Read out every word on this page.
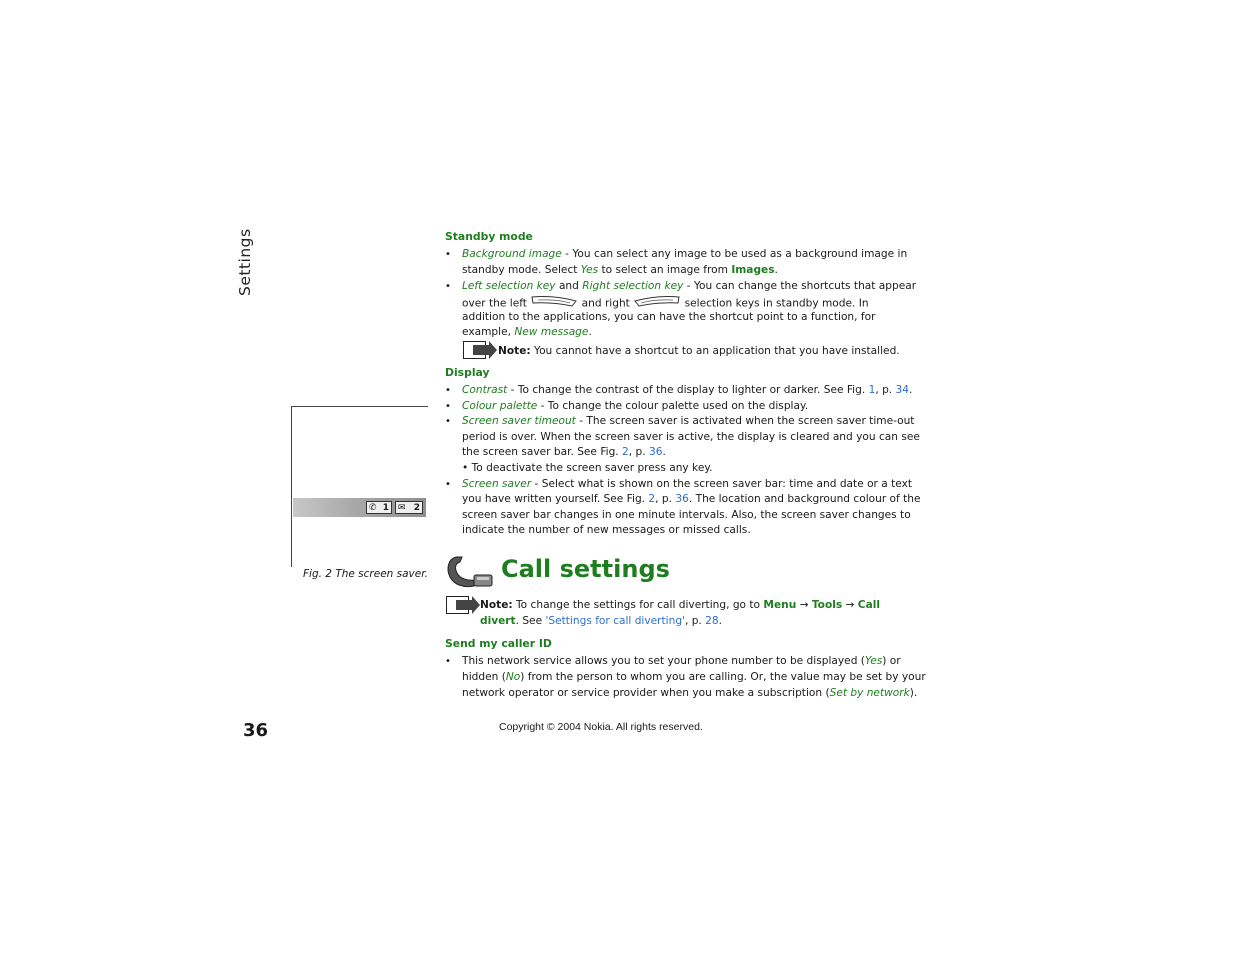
Settings	Standby mode
• Background image - You can select any image to be used as a background image in
standby mode. Select Yes to select an image from Images.
• Left selection key and Right selection key - You can change the shortcuts that appear
over the left	and right	selection keys in standby mode. In
addition to the applications, you can have the shortcut point to a function, for
example, New message.
Note: You cannot have a shortcut to an application that you have installed.
Display
• Contrast - To change the contrast of the display to lighter or darker. See Fig. 1, p. 34.
• Colour palette - To change the colour palette used on the display.
• Screen saver timeout - The screen saver is activated when the screen saver time-out
period is over. When the screen saver is active, the display is cleared and you can see
the screen saver bar. See Fig. 2, p. 36.
• To deactivate the screen saver press any key.
• Screen saver - Select what is shown on the screen saver bar: time and date or a text
you have written yourself. See Fig. 2, p. 36. The location and background colour of the
screen saver bar changes in one minute intervals. Also, the screen saver changes to
indicate the number of new messages or missed calls.
✆ 1	✉ 2
Fig. 2 The screen saver.	Call settings
Note: To change the settings for call diverting, go to Menu → Tools → Call
divert. See 'Settings for call diverting', p. 28.
Send my caller ID
• This network service allows you to set your phone number to be displayed (Yes) or
hidden (No) from the person to whom you are calling. Or, the value may be set by your
network operator or service provider when you make a subscription (Set by network).
36	Copyright © 2004 Nokia. All rights reserved.
